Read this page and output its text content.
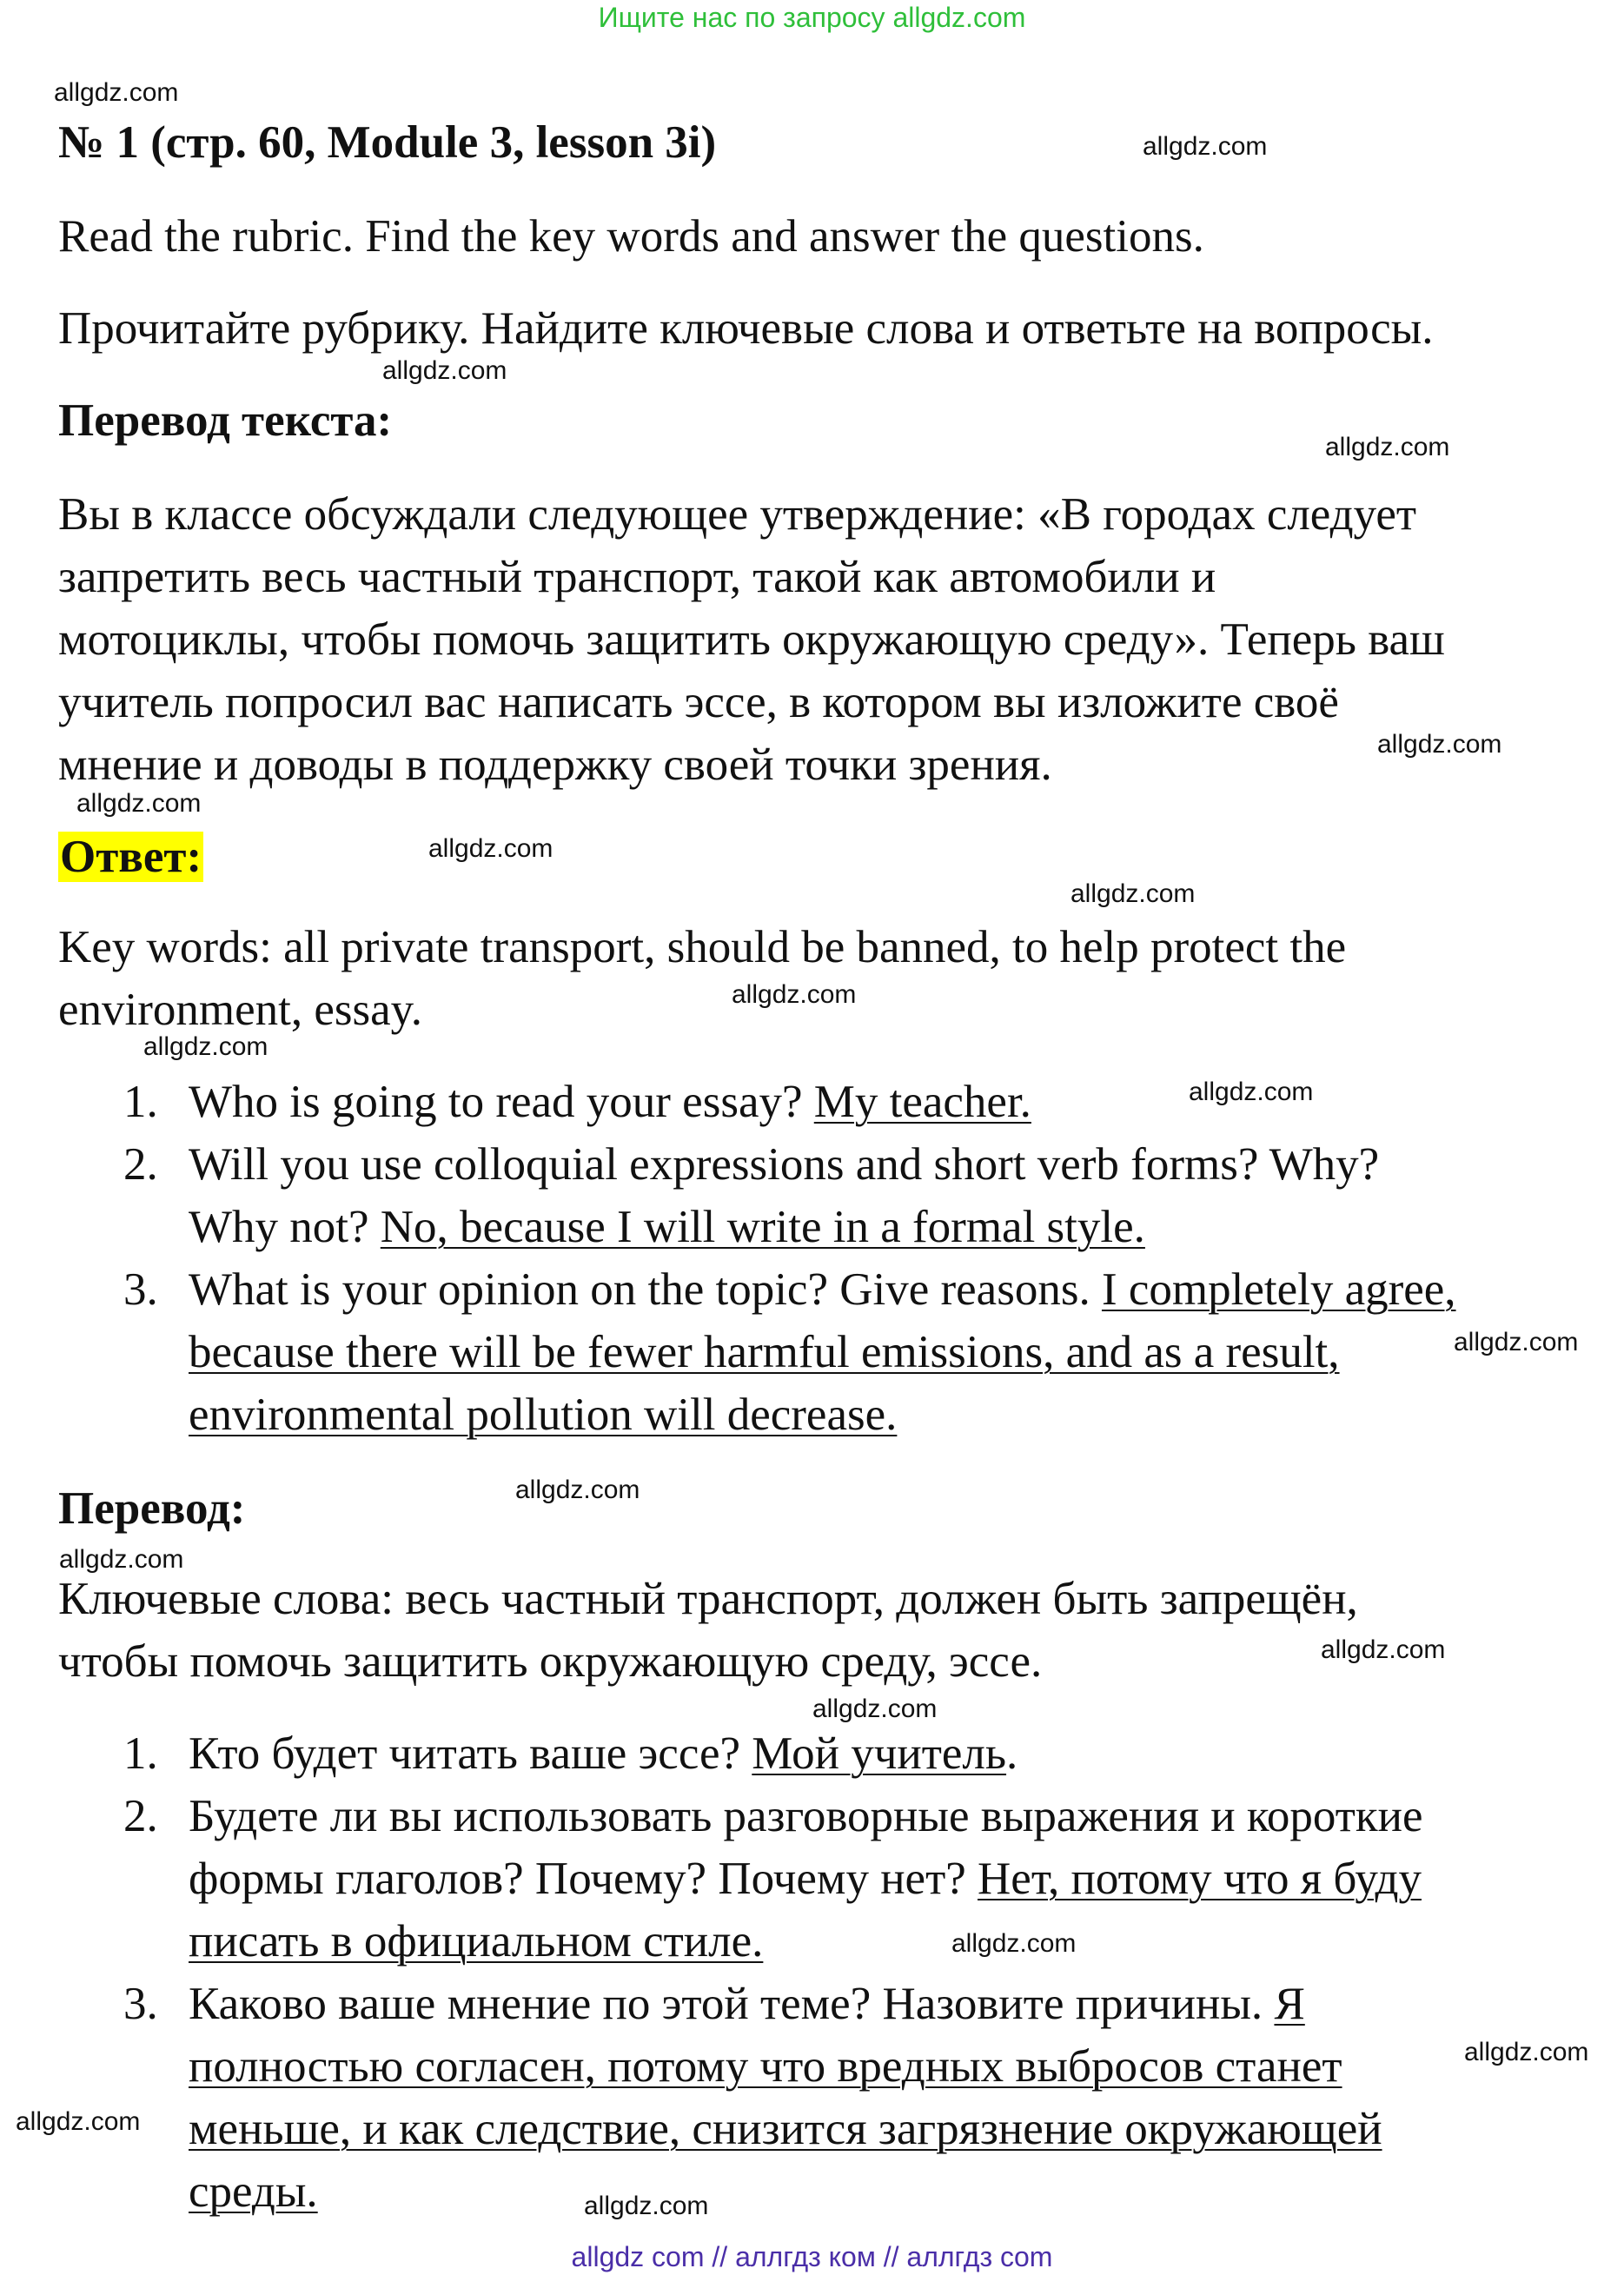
Ищите нас по запросу allgdz.com
№ 1 (стр. 60, Module 3, lesson 3i)
Read the rubric. Find the key words and answer the questions.
Прочитайте рубрику. Найдите ключевые слова и ответьте на вопросы.
Перевод текста:
Вы в классе обсуждали следующее утверждение: «В городах следует
запретить весь частный транспорт, такой как автомобили и
мотоциклы, чтобы помочь защитить окружающую среду». Теперь ваш
учитель попросил вас написать эссе, в котором вы изложите своё
мнение и доводы в поддержку своей точки зрения.
Ответ:
Key words: all private transport, should be banned, to help protect the
environment, essay.
1. Who is going to read your essay? My teacher.
2. Will you use colloquial expressions and short verb forms? Why?
Why not? No, because I will write in a formal style.
3. What is your opinion on the topic? Give reasons. I completely agree,
because there will be fewer harmful emissions, and as a result,
environmental pollution will decrease.
Перевод:
Ключевые слова: весь частный транспорт, должен быть запрещён,
чтобы помочь защитить окружающую среду, эссе.
1. Кто будет читать ваше эссе? Мой учитель.
2. Будете ли вы использовать разговорные выражения и короткие
формы глаголов? Почему? Почему нет? Нет, потому что я буду
писать в официальном стиле.
3. Каково ваше мнение по этой теме? Назовите причины. Я
полностью согласен, потому что вредных выбросов станет
меньше, и как следствие, снизится загрязнение окружающей
среды.
allgdz.com
allgdz.com
allgdz.com
allgdz.com
allgdz.com
allgdz.com
allgdz.com
allgdz.com
allgdz.com
allgdz.com
allgdz.com
allgdz.com
allgdz.com
allgdz.com
allgdz.com
allgdz.com
allgdz.com
allgdz.com
allgdz.com
allgdz.com
allgdz com // аллгдз ком // аллгдз com
